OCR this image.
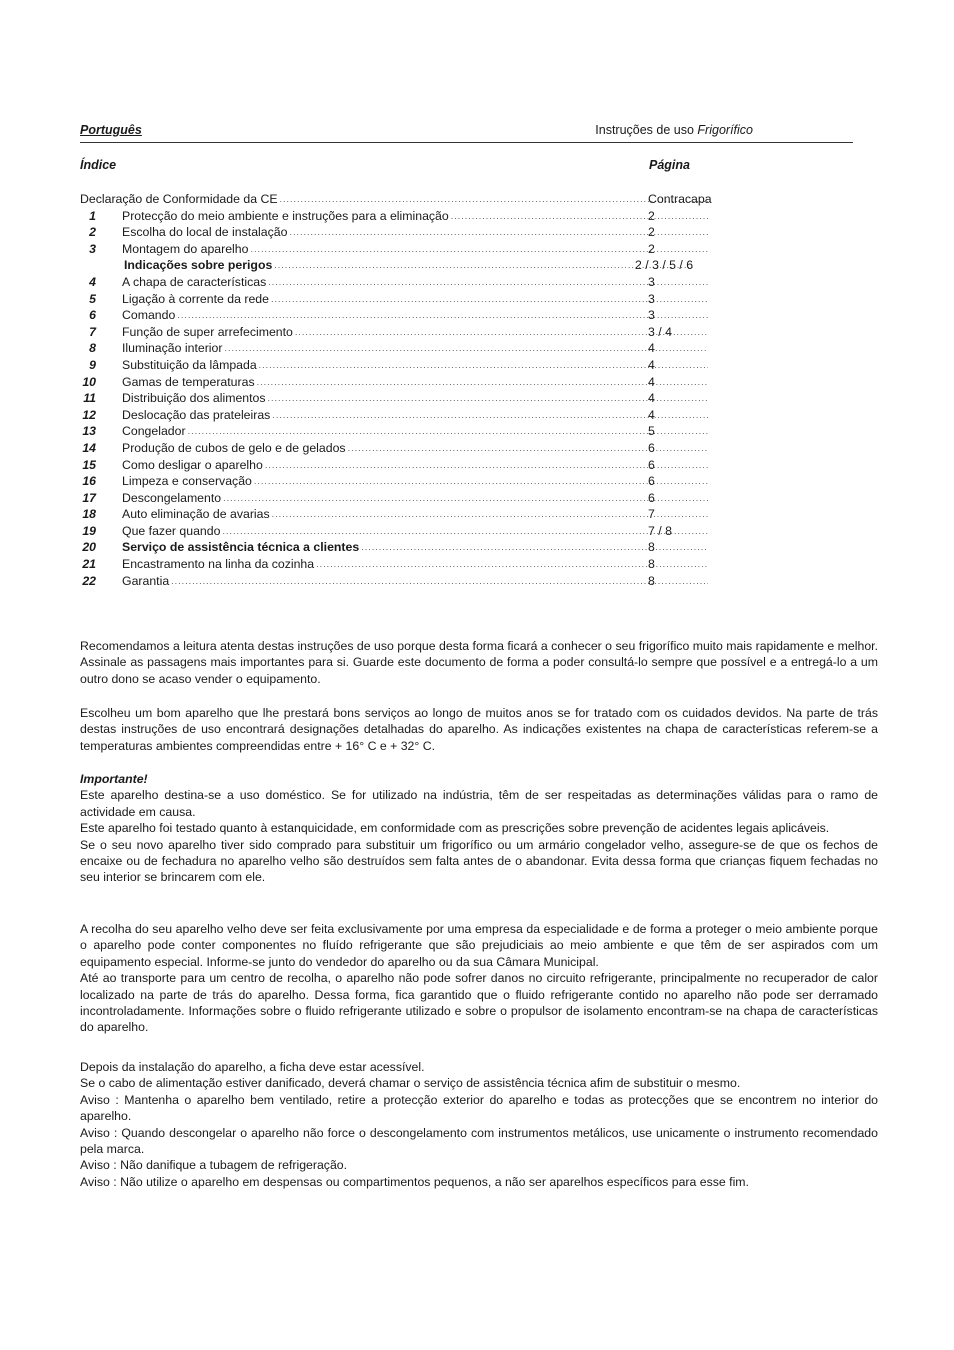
Português	Instruções de uso Frigorífico
Índice	Página
Declaração de Conformidade da CE .....	Contracapa
1 Protecção do meio ambiente e instruções para a eliminação .....	2
2 Escolha do local de instalação .....	2
3 Montagem do aparelho .....	2
Indicações sobre perigos .....	2 / 3 / 5 / 6
4 A chapa de características .....	3
5 Ligação à corrente da rede .....	3
6 Comando .....	3
7 Função de super arrefecimento .....	3 / 4
8 Iluminação interior .....	4
9 Substituição da lâmpada .....	4
10 Gamas de temperaturas .....	4
11 Distribuição dos alimentos .....	4
12 Deslocação das prateleiras .....	4
13 Congelador .....	5
14 Produção de cubos de gelo e de gelados .....	6
15 Como desligar o aparelho .....	6
16 Limpeza e conservação .....	6
17 Descongelamento .....	6
18 Auto eliminação de avarias .....	7
19 Que fazer quando .....	7 / 8
20 Serviço de assistência técnica a clientes .....	8
21 Encastramento na linha da cozinha .....	8
22 Garantia .....	8

Recomendamos a leitura atenta destas instruções de uso porque desta forma ficará a conhecer o seu frigorífico muito mais rapidamente e melhor. Assinale as passagens mais importantes para si. Guarde este documento de forma a poder consultá-lo sempre que possível e a entregá-lo a um outro dono se acaso vender o equipamento.

Escolheu um bom aparelho que lhe prestará bons serviços ao longo de muitos anos se for tratado com os cuidados devidos. Na parte de trás destas instruções de uso encontrará designações detalhadas do aparelho. As indicações existentes na chapa de características referem-se a temperaturas ambientes compreendidas entre + 16° C e + 32° C.

Importante!

Este aparelho destina-se a uso doméstico. Se for utilizado na indústria, têm de ser respeitadas as determinações válidas para o ramo de actividade em causa.

Este aparelho foi testado quanto à estanquicidade, em conformidade com as prescrições sobre prevenção de acidentes legais aplicáveis.

Se o seu novo aparelho tiver sido comprado para substituir um frigorífico ou um armário congelador velho, assegure-se de que os fechos de encaixe ou de fechadura no aparelho velho são destruídos sem falta antes de o abandonar. Evita dessa forma que crianças fiquem fechadas no seu interior se brincarem com ele.

A recolha do seu aparelho velho deve ser feita exclusivamente por uma empresa da especialidade e de forma a proteger o meio ambiente porque o aparelho pode conter componentes no fluído refrigerante que são prejudiciais ao meio ambiente e que têm de ser aspirados com um equipamento especial. Informe-se junto do vendedor do aparelho ou da sua Câmara Municipal.

Até ao transporte para um centro de recolha, o aparelho não pode sofrer danos no circuito refrigerante, principalmente no recuperador de calor localizado na parte de trás do aparelho. Dessa forma, fica garantido que o fluido refrigerante contido no aparelho não pode ser derramado incontroladamente. Informações sobre o fluido refrigerante utilizado e sobre o propulsor de isolamento encontram-se na chapa de características do aparelho.

Depois da instalação do aparelho, a ficha deve estar acessível.

Se o cabo de alimentação estiver danificado, deverá chamar o serviço de assistência técnica afim de substituir o mesmo.

Aviso : Mantenha o aparelho bem ventilado, retire a protecção exterior do aparelho e todas as protecções que se encontrem no interior do aparelho.

Aviso : Quando descongelar o aparelho não force o descongelamento com instrumentos metálicos, use unicamente o instrumento recomendado pela marca.

Aviso : Não danifique a tubagem de refrigeração.

Aviso : Não utilize o aparelho em despensas ou compartimentos pequenos, a não ser aparelhos específicos para esse fim.
